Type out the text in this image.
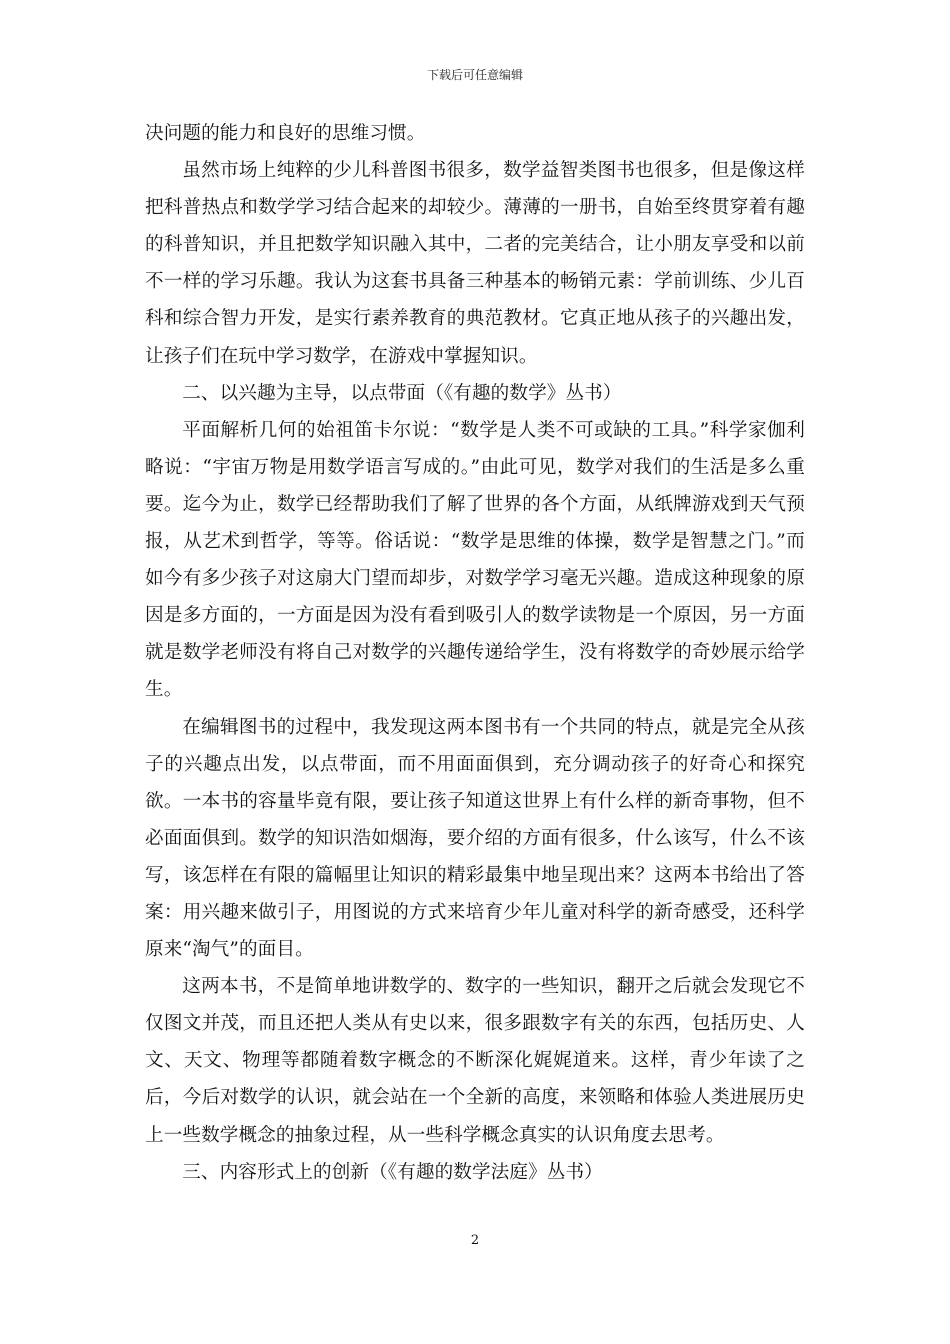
下载后可任意编辑

决问题的能力和良好的思维习惯。

虽然市场上纯粹的少儿科普图书很多，数学益智类图书也很多，但是像这样把科普热点和数学学习结合起来的却较少。薄薄的一册书，自始至终贯穿着有趣的科普知识，并且把数学知识融入其中，二者的完美结合，让小朋友享受和以前不一样的学习乐趣。我认为这套书具备三种基本的畅销元素：学前训练、少儿百科和综合智力开发，是实行素养教育的典范教材。它真正地从孩子的兴趣出发，让孩子们在玩中学习数学，在游戏中掌握知识。

二、以兴趣为主导，以点带面（《有趣的数学》丛书）

平面解析几何的始祖笛卡尔说：“数学是人类不可或缺的工具。”科学家伽利略说：“宇宙万物是用数学语言写成的。”由此可见，数学对我们的生活是多么重要。迄今为止，数学已经帮助我们了解了世界的各个方面，从纸牌游戏到天气预报，从艺术到哲学，等等。俗话说：“数学是思维的体操，数学是智慧之门。”而如今有多少孩子对这扇大门望而却步，对数学学习毫无兴趣。造成这种现象的原因是多方面的，一方面是因为没有看到吸引人的数学读物是一个原因，另一方面就是数学老师没有将自己对数学的兴趣传递给学生，没有将数学的奇妙展示给学生。

在编辑图书的过程中，我发现这两本图书有一个共同的特点，就是完全从孩子的兴趣点出发，以点带面，而不用面面俱到，充分调动孩子的好奇心和探究欲。一本书的容量毕竟有限，要让孩子知道这世界上有什么样的新奇事物，但不必面面俱到。数学的知识浩如烟海，要介绍的方面有很多，什么该写，什么不该写，该怎样在有限的篇幅里让知识的精彩最集中地呈现出来？这两本书给出了答案：用兴趣来做引子，用图说的方式来培育少年儿童对科学的新奇感受，还科学原来“淘气”的面目。

这两本书，不是简单地讲数学的、数字的一些知识，翻开之后就会发现它不仅图文并茂，而且还把人类从有史以来，很多跟数字有关的东西，包括历史、人文、天文、物理等都随着数字概念的不断深化娓娓道来。这样，青少年读了之后，今后对数学的认识，就会站在一个全新的高度，来领略和体验人类进展历史上一些数学概念的抽象过程，从一些科学概念真实的认识角度去思考。

三、内容形式上的创新（《有趣的数学法庭》丛书）

2
